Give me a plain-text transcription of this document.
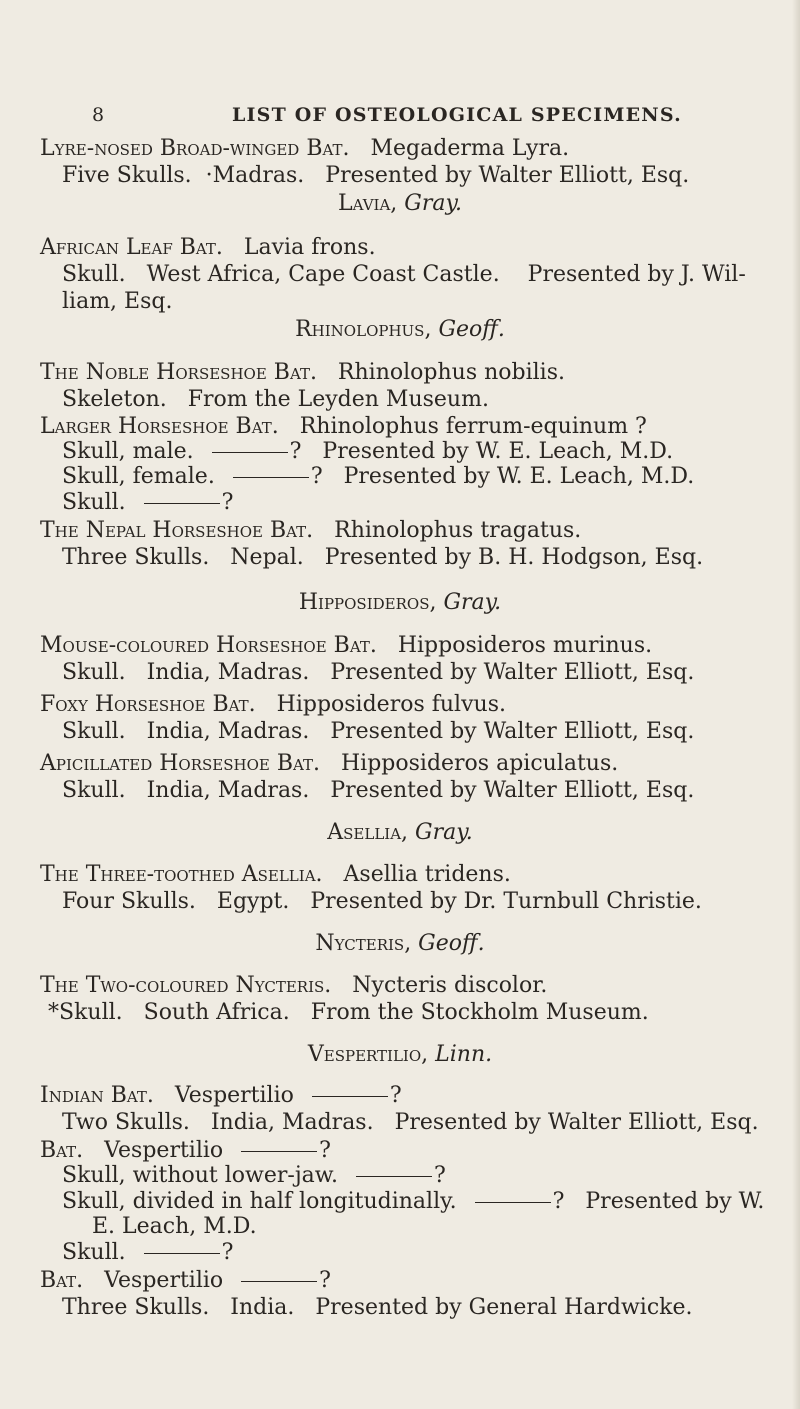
8	LIST OF OSTEOLOGICAL SPECIMENS.
Lyre-nosed Broad-winged Bat.   Megaderma Lyra.
Five Skulls.  ·Madras.   Presented by Walter Elliott, Esq.
Lavia, Gray.
African Leaf Bat.   Lavia frons.
Skull.   West Africa, Cape Coast Castle.    Presented by J. Wil-
liam, Esq.
Rhinolophus, Geoff.
The Noble Horseshoe Bat.   Rhinolophus nobilis.
Skeleton.   From the Leyden Museum.
Larger Horseshoe Bat.   Rhinolophus ferrum-equinum ?
Skull, male.	?   Presented by W. E. Leach, M.D.
Skull, female.	?   Presented by W. E. Leach, M.D.
Skull.	?
The Nepal Horseshoe Bat.   Rhinolophus tragatus.
Three Skulls.   Nepal.   Presented by B. H. Hodgson, Esq.
Hipposideros, Gray.
Mouse-coloured Horseshoe Bat.   Hipposideros murinus.
Skull.   India, Madras.   Presented by Walter Elliott, Esq.
Foxy Horseshoe Bat.   Hipposideros fulvus.
Skull.   India, Madras.   Presented by Walter Elliott, Esq.
Apicillated Horseshoe Bat.   Hipposideros apiculatus.
Skull.   India, Madras.   Presented by Walter Elliott, Esq.
Asellia, Gray.
The Three-toothed Asellia.   Asellia tridens.
Four Skulls.   Egypt.   Presented by Dr. Turnbull Christie.
Nycteris, Geoff.
The Two-coloured Nycteris.   Nycteris discolor.
*Skull.   South Africa.   From the Stockholm Museum.
Vespertilio, Linn.
Indian Bat.   Vespertilio	?
Two Skulls.   India, Madras.   Presented by Walter Elliott, Esq.
Bat.   Vespertilio	?
Skull, without lower-jaw.	?
Skull, divided in half longitudinally.	?   Presented by W.
E. Leach, M.D.
Skull.	?
Bat.   Vespertilio	?
Three Skulls.   India.   Presented by General Hardwicke.
